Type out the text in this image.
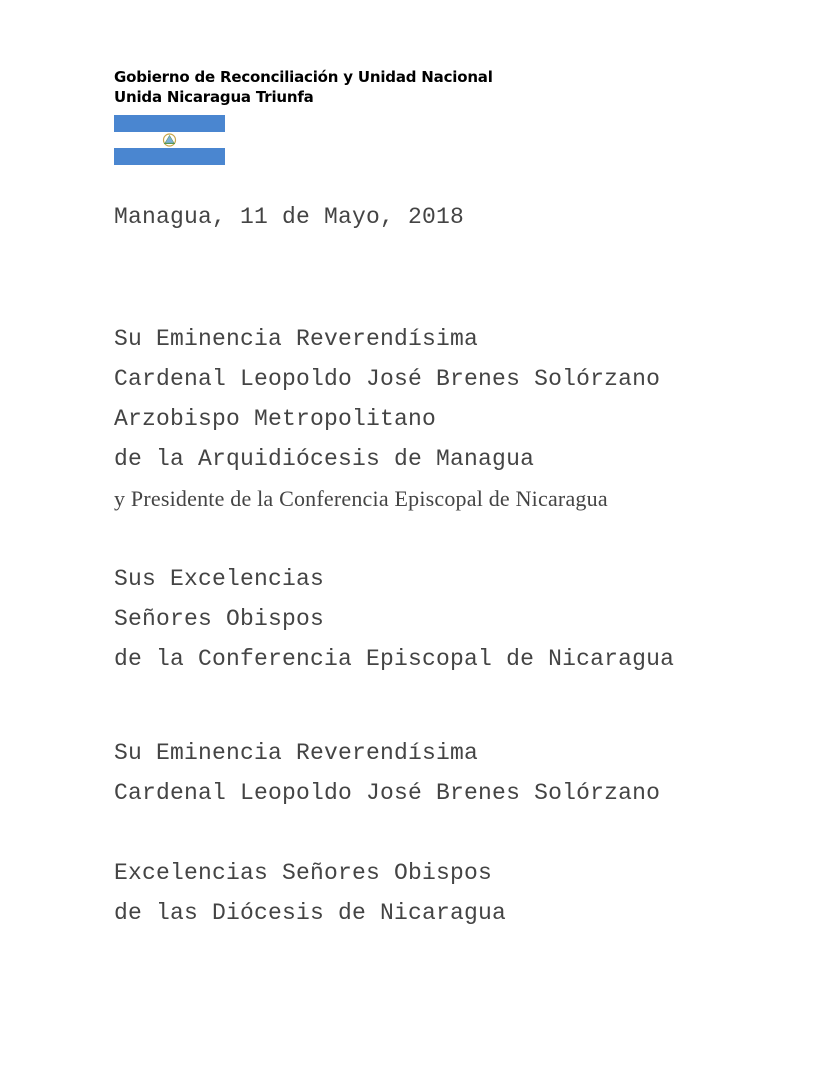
Gobierno de Reconciliación y Unidad Nacional
Unida Nicaragua Triunfa
Managua, 11 de Mayo, 2018
Su Eminencia Reverendísima
Cardenal Leopoldo José Brenes Solórzano
Arzobispo Metropolitano
de la Arquidiócesis de Managua
y Presidente de la Conferencia Episcopal de Nicaragua
Sus Excelencias
Señores Obispos
de la Conferencia Episcopal de Nicaragua
Su Eminencia Reverendísima
Cardenal Leopoldo José Brenes Solórzano
Excelencias Señores Obispos
de las Diócesis de Nicaragua
